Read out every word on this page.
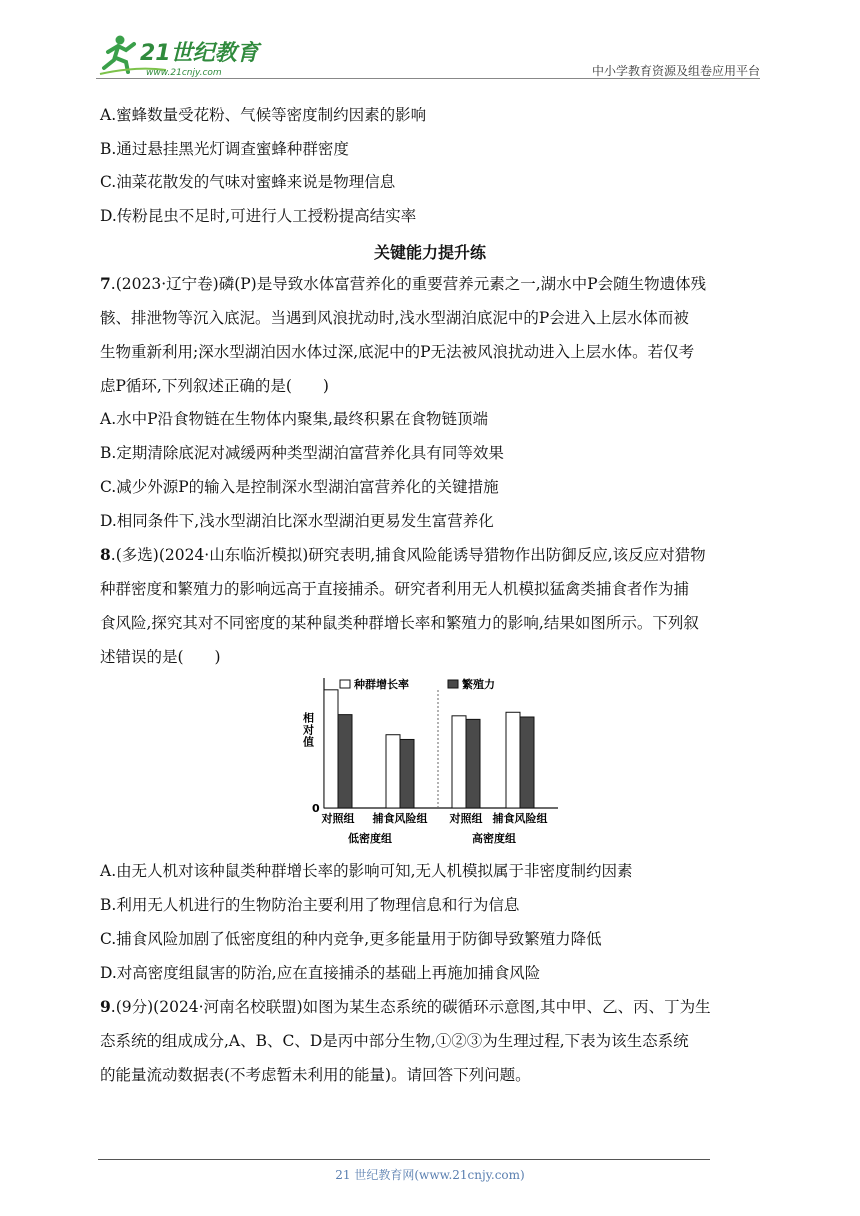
21世纪教育
www.21cnjy.com	中小学教育资源及组卷应用平台
A.蜜蜂数量受花粉、气候等密度制约因素的影响
B.通过悬挂黑光灯调查蜜蜂种群密度
C.油菜花散发的气味对蜜蜂来说是物理信息
D.传粉昆虫不足时,可进行人工授粉提高结实率
关键能力提升练
7.(2023·辽宁卷)磷(P)是导致水体富营养化的重要营养元素之一,湖水中P会随生物遗体残
骸、排泄物等沉入底泥。当遇到风浪扰动时,浅水型湖泊底泥中的P会进入上层水体而被
生物重新利用;深水型湖泊因水体过深,底泥中的P无法被风浪扰动进入上层水体。若仅考
虑P循环,下列叙述正确的是(　　)
A.水中P沿食物链在生物体内聚集,最终积累在食物链顶端
B.定期清除底泥对减缓两种类型湖泊富营养化具有同等效果
C.减少外源P的输入是控制深水型湖泊富营养化的关键措施
D.相同条件下,浅水型湖泊比深水型湖泊更易发生富营养化
8.(多选)(2024·山东临沂模拟)研究表明,捕食风险能诱导猎物作出防御反应,该反应对猎物
种群密度和繁殖力的影响远高于直接捕杀。研究者利用无人机模拟猛禽类捕食者作为捕
食风险,探究其对不同密度的某种鼠类种群增长率和繁殖力的影响,结果如图所示。下列叙
述错误的是(　　)
相对值
0
种群增长率	繁殖力
对照组 捕食风险组 对照组 捕食风险组
低密度组	高密度组
A.由无人机对该种鼠类种群增长率的影响可知,无人机模拟属于非密度制约因素
B.利用无人机进行的生物防治主要利用了物理信息和行为信息
C.捕食风险加剧了低密度组的种内竞争,更多能量用于防御导致繁殖力降低
D.对高密度组鼠害的防治,应在直接捕杀的基础上再施加捕食风险
9.(9分)(2024·河南名校联盟)如图为某生态系统的碳循环示意图,其中甲、乙、丙、丁为生
态系统的组成成分,A、B、C、D是丙中部分生物,①②③为生理过程,下表为该生态系统
的能量流动数据表(不考虑暂未利用的能量)。请回答下列问题。
21 世纪教育网(www.21cnjy.com)
